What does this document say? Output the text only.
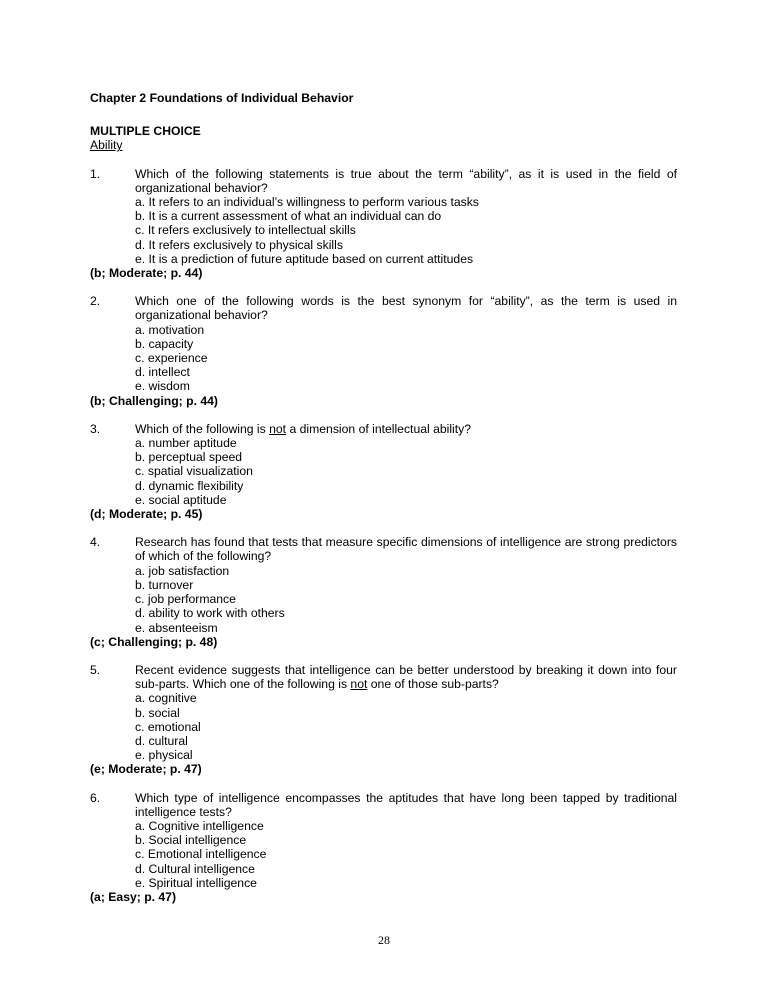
Chapter 2 Foundations of Individual Behavior
MULTIPLE CHOICE
Ability
1.	Which of the following statements is true about the term “ability”, as it is used in the field of organizational behavior?
a. It refers to an individual’s willingness to perform various tasks
b. It is a current assessment of what an individual can do
c. It refers exclusively to intellectual skills
d. It refers exclusively to physical skills
e. It is a prediction of future aptitude based on current attitudes
(b; Moderate; p. 44)
2.	Which one of the following words is the best synonym for “ability”, as the term is used in organizational behavior?
a. motivation
b. capacity
c. experience
d. intellect
e. wisdom
(b; Challenging; p. 44)
3.	Which of the following is not a dimension of intellectual ability?
a. number aptitude
b. perceptual speed
c. spatial visualization
d. dynamic flexibility
e. social aptitude
(d; Moderate; p. 45)
4.	Research has found that tests that measure specific dimensions of intelligence are strong predictors of which of the following?
a. job satisfaction
b. turnover
c. job performance
d. ability to work with others
e. absenteeism
(c; Challenging; p. 48)
5.	Recent evidence suggests that intelligence can be better understood by breaking it down into four sub-parts. Which one of the following is not one of those sub-parts?
a. cognitive
b. social
c. emotional
d. cultural
e. physical
(e; Moderate; p. 47)
6.	Which type of intelligence encompasses the aptitudes that have long been tapped by traditional intelligence tests?
a. Cognitive intelligence
b. Social intelligence
c. Emotional intelligence
d. Cultural intelligence
e. Spiritual intelligence
(a; Easy; p. 47)
28
